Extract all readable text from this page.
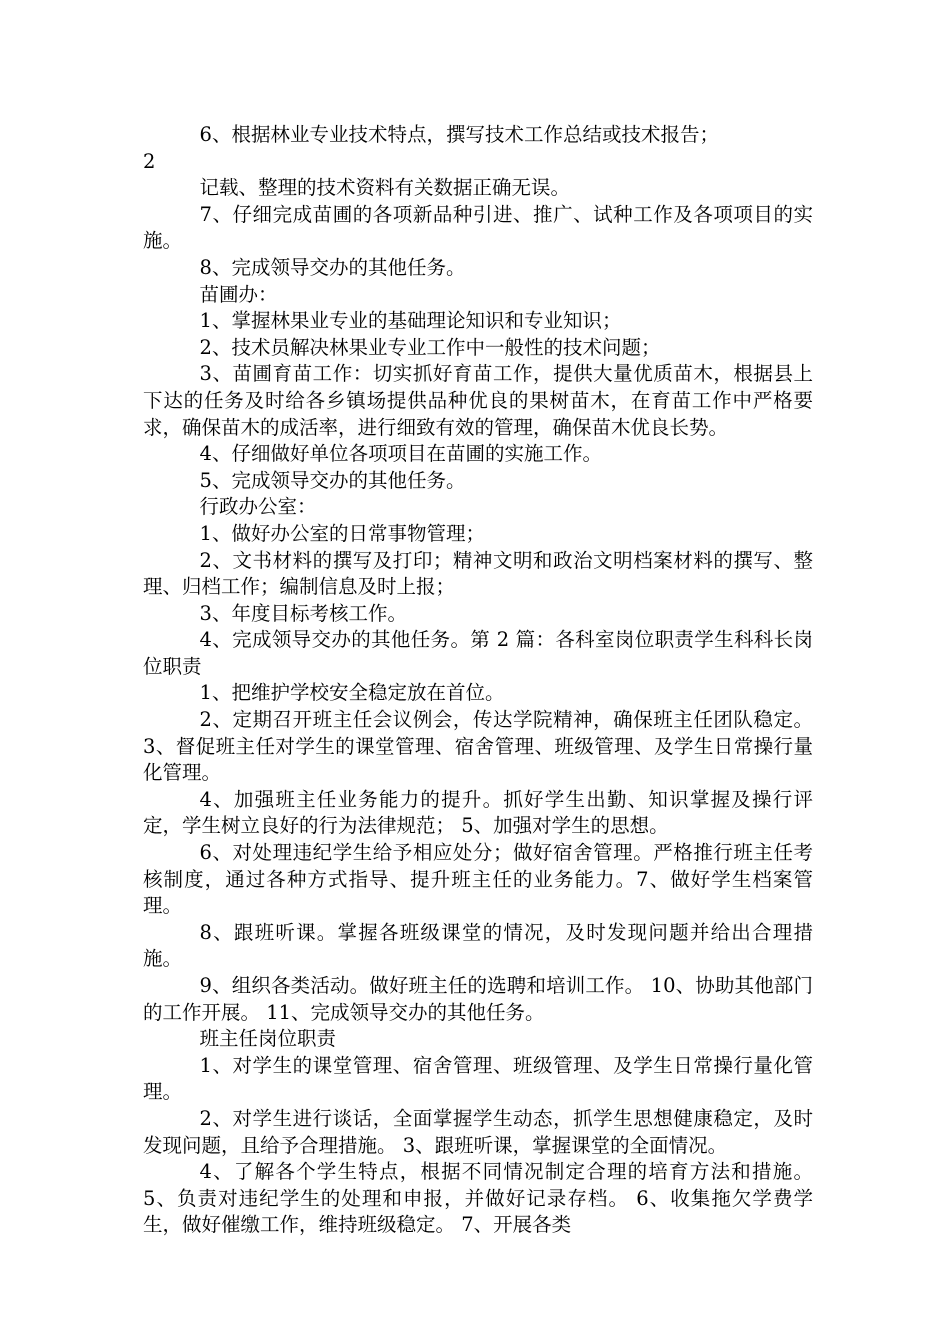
6、根据林业专业技术特点，撰写技术工作总结或技术报告；

2

记载、整理的技术资料有关数据正确无误。

7、仔细完成苗圃的各项新品种引进、推广、试种工作及各项项目的实施。

8、完成领导交办的其他任务。

苗圃办：

1、掌握林果业专业的基础理论知识和专业知识；

2、技术员解决林果业专业工作中一般性的技术问题；

3、苗圃育苗工作：切实抓好育苗工作，提供大量优质苗木，根据县上下达的任务及时给各乡镇场提供品种优良的果树苗木，在育苗工作中严格要求，确保苗木的成活率，进行细致有效的管理，确保苗木优良长势。

4、仔细做好单位各项项目在苗圃的实施工作。

5、完成领导交办的其他任务。

行政办公室：

1、做好办公室的日常事物管理；

2、文书材料的撰写及打印；精神文明和政治文明档案材料的撰写、整理、归档工作；编制信息及时上报；

3、年度目标考核工作。

4、完成领导交办的其他任务。第 2 篇：各科室岗位职责学生科科长岗位职责

1、把维护学校安全稳定放在首位。

2、定期召开班主任会议例会，传达学院精神，确保班主任团队稳定。 3、督促班主任对学生的课堂管理、宿舍管理、班级管理、及学生日常操行量化管理。

4、加强班主任业务能力的提升。抓好学生出勤、知识掌握及操行评定，学生树立良好的行为法律规范； 5、加强对学生的思想。

6、对处理违纪学生给予相应处分；做好宿舍管理。严格推行班主任考核制度，通过各种方式指导、提升班主任的业务能力。7、做好学生档案管理。

8、跟班听课。掌握各班级课堂的情况，及时发现问题并给出合理措施。

9、组织各类活动。做好班主任的选聘和培训工作。 10、协助其他部门的工作开展。 11、完成领导交办的其他任务。

班主任岗位职责

1、对学生的课堂管理、宿舍管理、班级管理、及学生日常操行量化管理。

2、对学生进行谈话，全面掌握学生动态，抓学生思想健康稳定，及时发现问题，且给予合理措施。 3、跟班听课，掌握课堂的全面情况。

4、了解各个学生特点，根据不同情况制定合理的培育方法和措施。 5、负责对违纪学生的处理和申报，并做好记录存档。 6、收集拖欠学费学生，做好催缴工作，维持班级稳定。 7、开展各类
